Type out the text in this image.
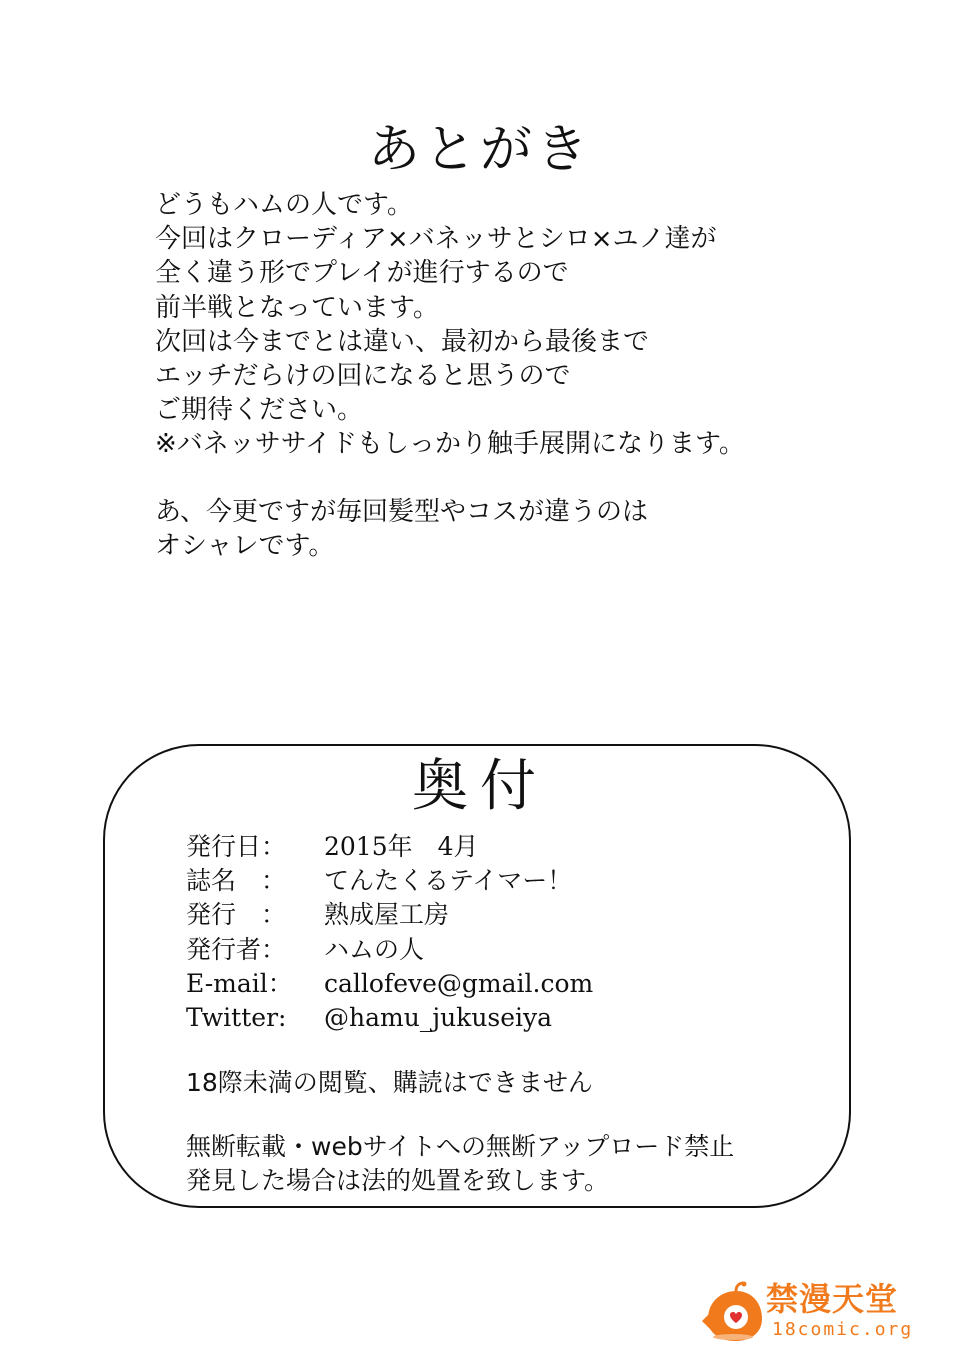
あとがき

どうもハムの人です。
今回はクローディア×バネッサとシロ×ユノ達が
全く違う形でプレイが進行するので
前半戦となっています。
次回は今までとは違い、最初から最後まで
エッチだらけの回になると思うので
ご期待ください。
※バネッササイドもしっかり触手展開になります。

あ、今更ですが毎回髪型やコスが違うのは
オシャレです。

奥付
発行日：	2015年　4月
誌名　：	てんたくるテイマー！
発行　：	熟成屋工房
発行者：	ハムの人
E-mail：	callofeve@gmail.com
Twitter:	@hamu_jukuseiya
18際未満の閲覧、購読はできません
無断転載・webサイトへの無断アップロード禁止
発見した場合は法的処置を致します。
禁漫天堂
18comic.org
